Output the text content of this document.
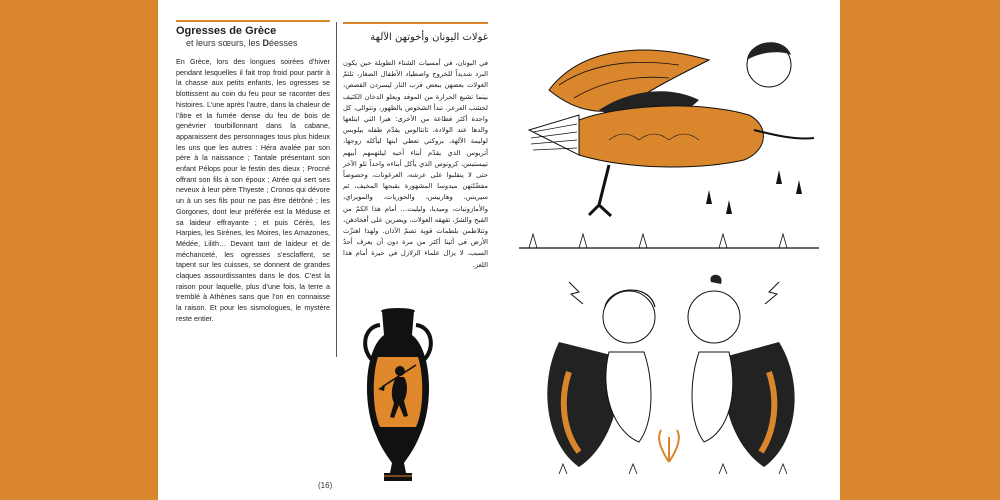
Ogresses de Grèce
et leurs sœurs, les Déesses
En Grèce, lors des longues soirées d’hiver pendant lesquelles il fait trop froid pour partir à la chasse aux petits enfants, les ogresses se blottissent au coin du feu pour se raconter des histoires. L’une après l’autre, dans la chaleur de l’âtre et la fumée dense du feu de bois de genévrier tourbillonnant dans la cabane, apparaissent des personnages tous plus hideux les uns que les autres : Héra avalée par son père à la naissance ; Tantale présentant son enfant Pélops pour le festin des dieux ; Procné offrant son fils à son époux ; Atrée qui sert ses neveux à leur père Thyeste ; Cronos qui dévore un à un ses fils pour ne pas être détrôné ; les Gorgones, dont leur préférée est la Méduse et sa laideur effrayante ; et puis Cérès, les Harpies, les Sirènes, les Moires, les Amazones, Médée, Lilith… Devant tant de laideur et de méchanceté, les ogresses s’esclaffent, se tapent sur les cuisses, se donnent de grandes claques assourdissantes dans le dos. C’est la raison pour laquelle, plus d’une fois, la terre a tremblé à Athènes sans que l’on en connaisse la raison. Et pour les sismologues, le mystère reste entier.
غولات اليونان وأخوتهن الآلهة
في اليونان، في أمسيات الشتاء الطويلة حين يكون البرد شديداً للخروج واصطياد الأطفال الصغار، تلتمّ الغولات بعضهن ببعض قرب النار ليسردن القصص، بينما تشيع الحرارة من الموقد ويعلو الدخان الكثيف لخشب العرعر. تبدأ الشخوص بالظهور، وتتوالى، كل واحدة أكثر فظاعة من الأخرى: هيرا التي ابتلعها والدها عند الولادة، تانتالوس يقدّم طفله بيلوبس لوليمة الآلهة، بروكني تعطي ابنها ليأكله زوجها، أتريوس الذي يقدّم أبناء أخيه ليلتهمهم أبيهم تييستيس، كرونوس الذي يأكل أبناءه واحداً تلو الآخر حتى لا ينقلبوا على عرشه، الغرغونات، وخصوصاً مفضّلتهن ميدوسا المشهورة بقبحها المخيف، ثم سيريس، وهاربيس، والحوريات، والمويراي، والأمازونيات، وميديا، وليليت… أمام هذا الكمّ من القبح والشرّ، تقهقه الغولات، ويضربن على أفخاذهن، وتتلاطمن بلطمات قوية تصمّ الآذان. ولهذا اهتزّت الأرض في أثينا أكثر من مرة دون أن يعرف أحدٌ السبب. لا يزال علماء الزلازل في حيرة أمام هذا اللغز.
(16)
